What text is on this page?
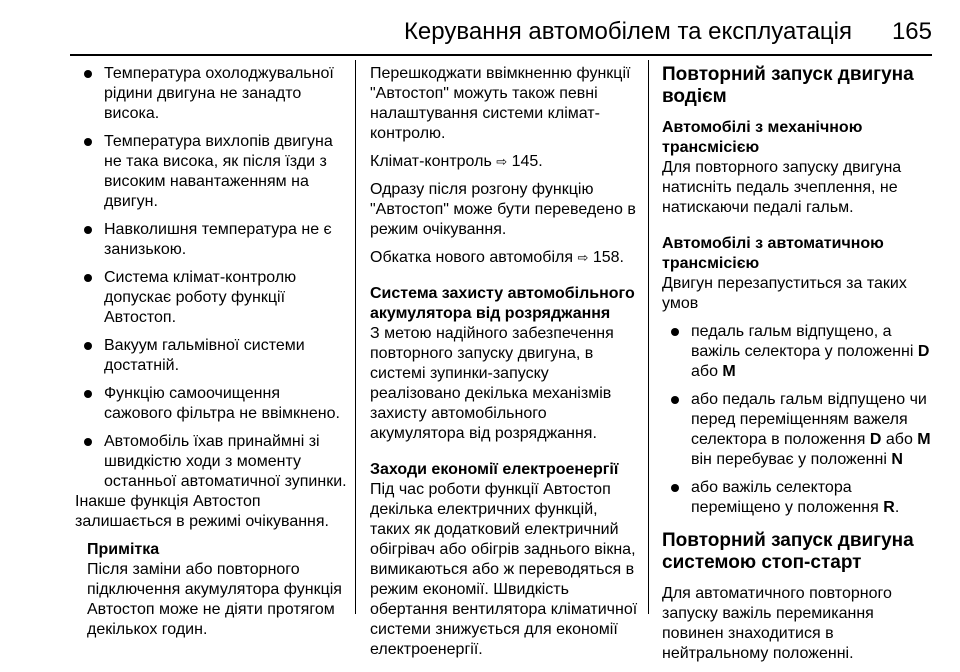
Керування автомобілем та експлуатація 165
Температура охолоджувальної рідини двигуна не занадто висока.
Температура вихлопів двигуна не така висока, як після їзди з високим навантаженням на двигун.
Навколишня температура не є занизькою.
Система клімат-контролю допускає роботу функції Автостоп.
Вакуум гальмівної системи достатній.
Функцію самоочищення сажового фільтра не ввімкнено.
Автомобіль їхав принаймні зі швидкістю ходи з моменту останньої автоматичної зупинки.

Інакше функція Автостоп залишається в режимі очікування.

Примітка
Після заміни або повторного підключення акумулятора функція Автостоп може не діяти протягом декількох годин.

Перешкоджати ввімкненню функції "Автостоп" можуть також певні налаштування системи клімат-контролю.

Клімат-контроль ⇨ 145.

Одразу після розгону функцію "Автостоп" може бути переведено в режим очікування.

Обкатка нового автомобіля ⇨ 158.

Система захисту автомобільного акумулятора від розряджання

З метою надійного забезпечення повторного запуску двигуна, в системі зупинки-запуску реалізовано декілька механізмів захисту автомобільного акумулятора від розряджання.

Заходи економії електроенергії

Під час роботи функції Автостоп декілька електричних функцій, таких як додатковий електричний обігрівач або обігрів заднього вікна, вимикаються або ж переводяться в режим економії. Швидкість обертання вентилятора кліматичної системи знижується для економії електроенергії.

Повторний запуск двигуна водієм

Автомобілі з механічною трансмісією

Для повторного запуску двигуна натисніть педаль зчеплення, не натискаючи педалі гальм.

Автомобілі з автоматичною трансмісією

Двигун перезапуститься за таких умов

педаль гальм відпущено, а важіль селектора у положенні D або M
або педаль гальм відпущено чи перед переміщенням важеля селектора в положення D або M він перебуває у положенні N
або важіль селектора переміщено у положення R.
Повторний запуск двигуна системою стоп-старт

Для автоматичного повторного запуску важіль перемикання повинен знаходитися в нейтральному положенні.
